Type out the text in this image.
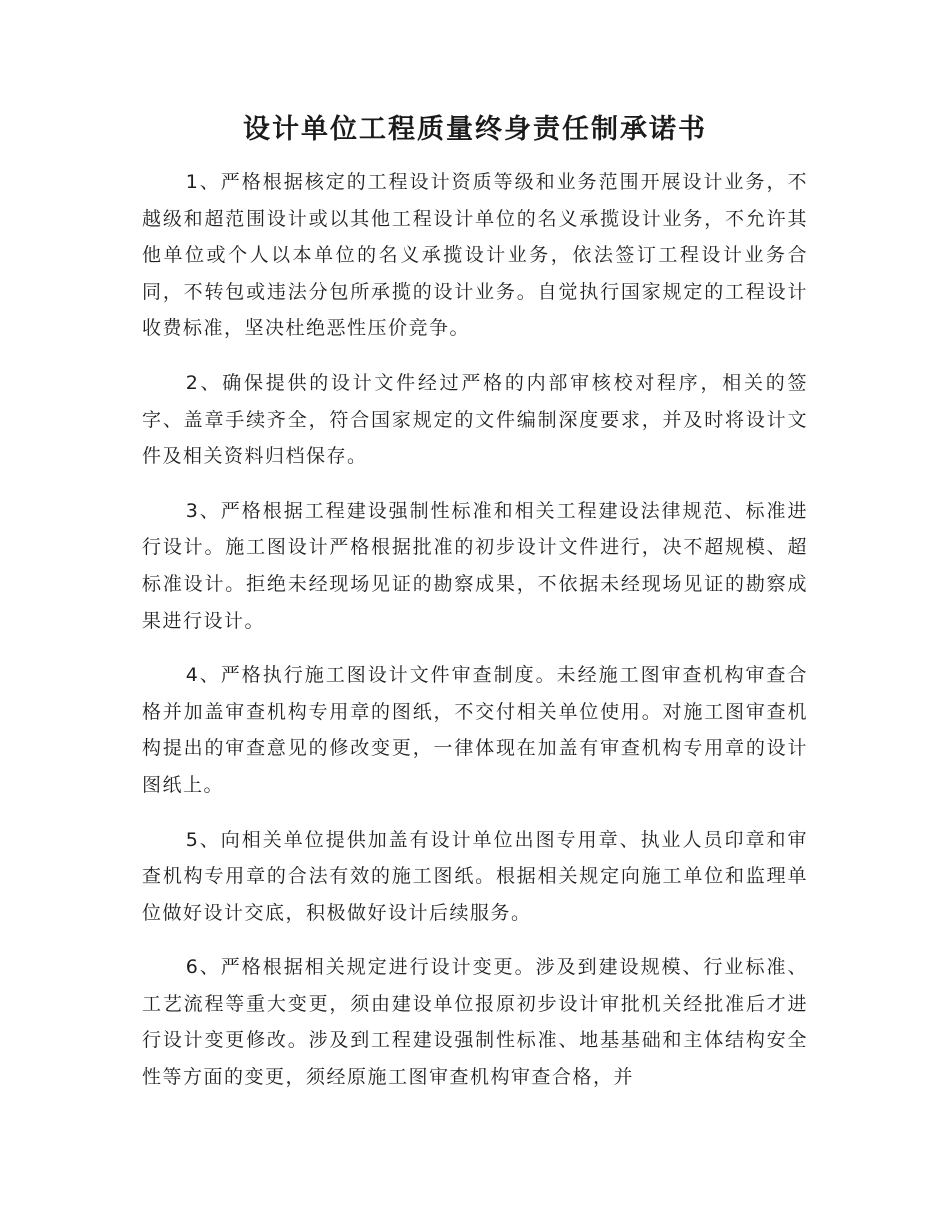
设计单位工程质量终身责任制承诺书

1、严格根据核定的工程设计资质等级和业务范围开展设计业务，不越级和超范围设计或以其他工程设计单位的名义承揽设计业务，不允许其他单位或个人以本单位的名义承揽设计业务，依法签订工程设计业务合同，不转包或违法分包所承揽的设计业务。自觉执行国家规定的工程设计收费标准，坚决杜绝恶性压价竞争。

2、确保提供的设计文件经过严格的内部审核校对程序，相关的签字、盖章手续齐全，符合国家规定的文件编制深度要求，并及时将设计文件及相关资料归档保存。

3、严格根据工程建设强制性标准和相关工程建设法律规范、标准进行设计。施工图设计严格根据批准的初步设计文件进行，决不超规模、超标准设计。拒绝未经现场见证的勘察成果，不依据未经现场见证的勘察成果进行设计。

4、严格执行施工图设计文件审查制度。未经施工图审查机构审查合格并加盖审查机构专用章的图纸，不交付相关单位使用。对施工图审查机构提出的审查意见的修改变更，一律体现在加盖有审查机构专用章的设计图纸上。

5、向相关单位提供加盖有设计单位出图专用章、执业人员印章和审查机构专用章的合法有效的施工图纸。根据相关规定向施工单位和监理单位做好设计交底，积极做好设计后续服务。

6、严格根据相关规定进行设计变更。涉及到建设规模、行业标准、工艺流程等重大变更，须由建设单位报原初步设计审批机关经批准后才进行设计变更修改。涉及到工程建设强制性标准、地基基础和主体结构安全性等方面的变更，须经原施工图审查机构审查合格，并
